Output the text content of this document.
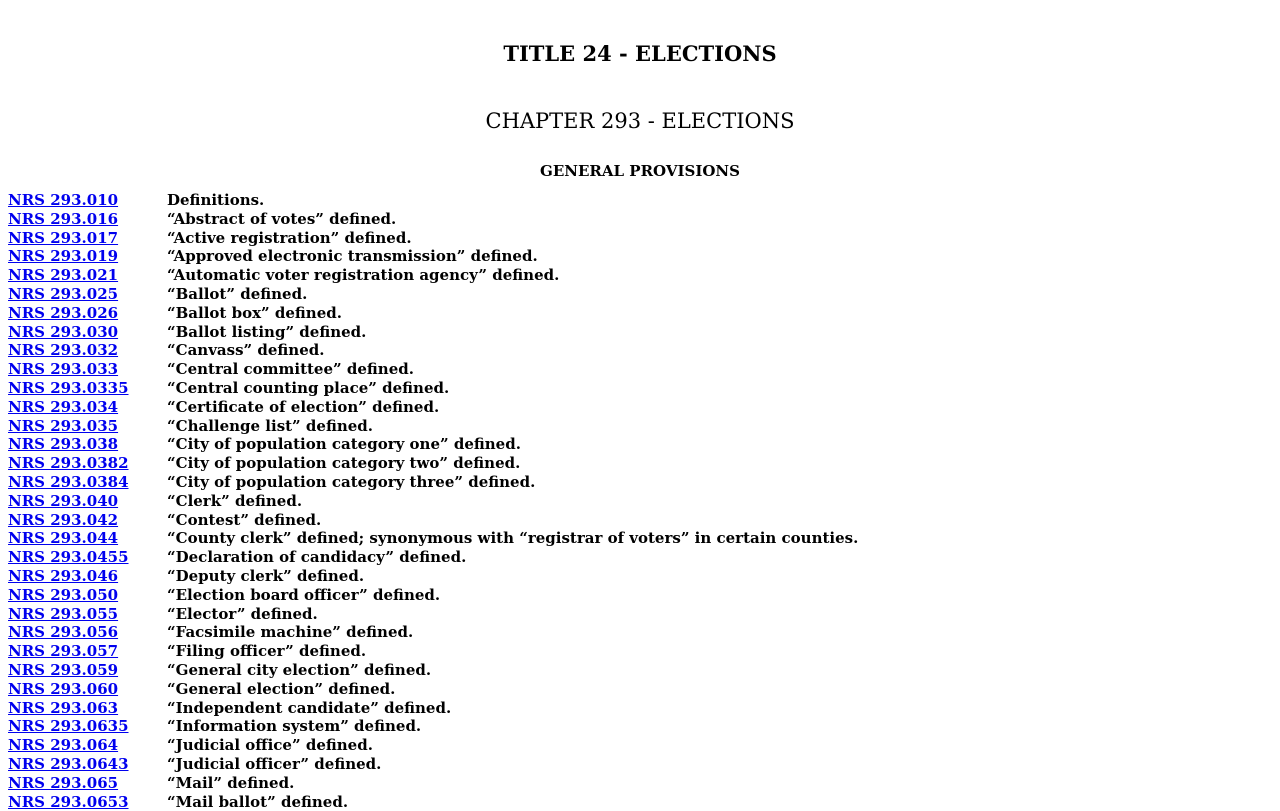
TITLE 24 - ELECTIONS
CHAPTER 293 - ELECTIONS
GENERAL PROVISIONS
NRS 293.010	Definitions.
NRS 293.016	“Abstract of votes” defined.
NRS 293.017	“Active registration” defined.
NRS 293.019	“Approved electronic transmission” defined.
NRS 293.021	“Automatic voter registration agency” defined.
NRS 293.025	“Ballot” defined.
NRS 293.026	“Ballot box” defined.
NRS 293.030	“Ballot listing” defined.
NRS 293.032	“Canvass” defined.
NRS 293.033	“Central committee” defined.
NRS 293.0335	“Central counting place” defined.
NRS 293.034	“Certificate of election” defined.
NRS 293.035	“Challenge list” defined.
NRS 293.038	“City of population category one” defined.
NRS 293.0382	“City of population category two” defined.
NRS 293.0384	“City of population category three” defined.
NRS 293.040	“Clerk” defined.
NRS 293.042	“Contest” defined.
NRS 293.044	“County clerk” defined; synonymous with “registrar of voters” in certain counties.
NRS 293.0455	“Declaration of candidacy” defined.
NRS 293.046	“Deputy clerk” defined.
NRS 293.050	“Election board officer” defined.
NRS 293.055	“Elector” defined.
NRS 293.056	“Facsimile machine” defined.
NRS 293.057	“Filing officer” defined.
NRS 293.059	“General city election” defined.
NRS 293.060	“General election” defined.
NRS 293.063	“Independent candidate” defined.
NRS 293.0635	“Information system” defined.
NRS 293.064	“Judicial office” defined.
NRS 293.0643	“Judicial officer” defined.
NRS 293.065	“Mail” defined.
NRS 293.0653	“Mail ballot” defined.
